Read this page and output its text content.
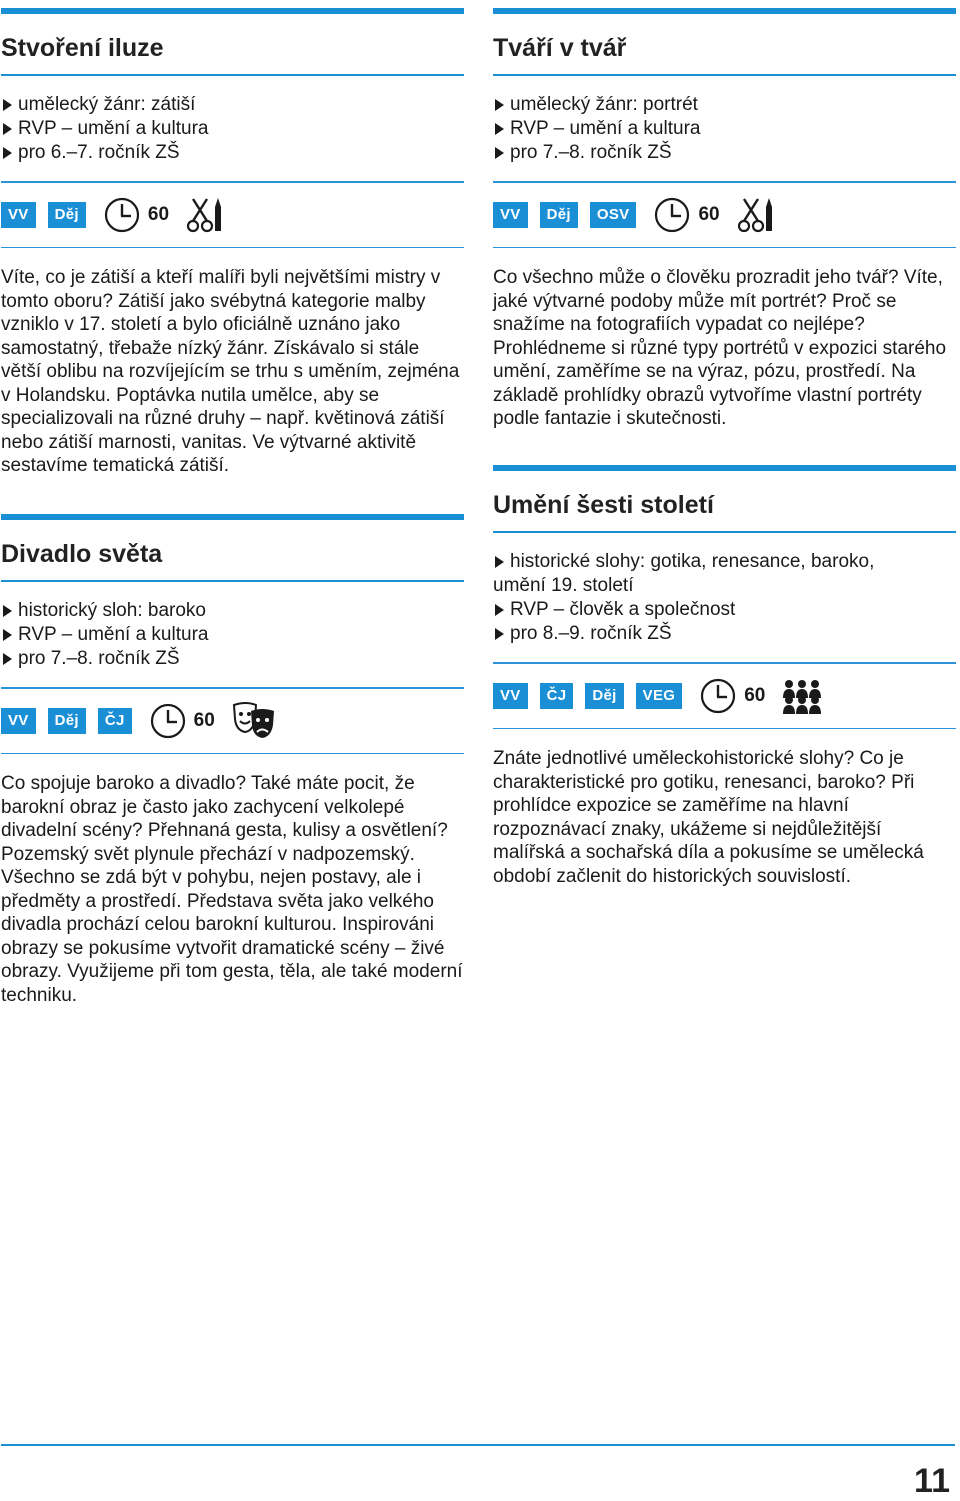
Stvoření iluze
umělecký žánr: zátiší
RVP – umění a kultura
pro 6.–7. ročník ZŠ
VV	Děj	60

Víte, co je zátiší a kteří malíři byli největšími mistry v tomto oboru? Zátiší jako svébytná kategorie malby vzniklo v 17. století a bylo oficiálně uznáno jako samostatný, třebaže nízký žánr. Získávalo si stále větší oblibu na rozvíjejícím se trhu s uměním, zejména v Holandsku. Poptávka nutila umělce, aby se specializovali na různé druhy – např. květinová zátiší nebo zátiší marnosti, vanitas. Ve výtvarné aktivitě sestavíme tematická zátiší.

Divadlo světa
historický sloh: baroko
RVP – umění a kultura
pro 7.–8. ročník ZŠ
VV	Děj	ČJ	60

Co spojuje baroko a divadlo? Také máte pocit, že barokní obraz je často jako zachycení velkolepé divadelní scény? Přehnaná gesta, kulisy a osvětlení? Pozemský svět plynule přechází v nadpozemský. Všechno se zdá být v pohybu, nejen postavy, ale i předměty a prostředí. Představa světa jako velkého divadla prochází celou barokní kulturou. Inspirováni obrazy se pokusíme vytvořit dramatické scény – živé obrazy. Využijeme při tom gesta, těla, ale také moderní techniku.

Tváří v tvář
umělecký žánr: portrét
RVP – umění a kultura
pro 7.–8. ročník ZŠ
VV	Děj	OSV	60

Co všechno může o člověku prozradit jeho tvář? Víte, jaké výtvarné podoby může mít portrét? Proč se snažíme na fotografiích vypadat co nejlépe? Prohlédneme si různé typy portrétů v expozici starého umění, zaměříme se na výraz, pózu, prostředí. Na základě prohlídky obrazů vytvoříme vlastní portréty podle fantazie i skutečnosti.

Umění šesti století
historické slohy: gotika, renesance, baroko,
umění 19. století
RVP – člověk a společnost
pro 8.–9. ročník ZŠ
VV	ČJ	Děj	VEG	60

Znáte jednotlivé uměleckohistorické slohy? Co je charakteristické pro gotiku, renesanci, baroko? Při prohlídce expozice se zaměříme na hlavní rozpoznávací znaky, ukážeme si nejdůležitější malířská a sochařská díla a pokusíme se umělecká období začlenit do historických souvislostí.

11
